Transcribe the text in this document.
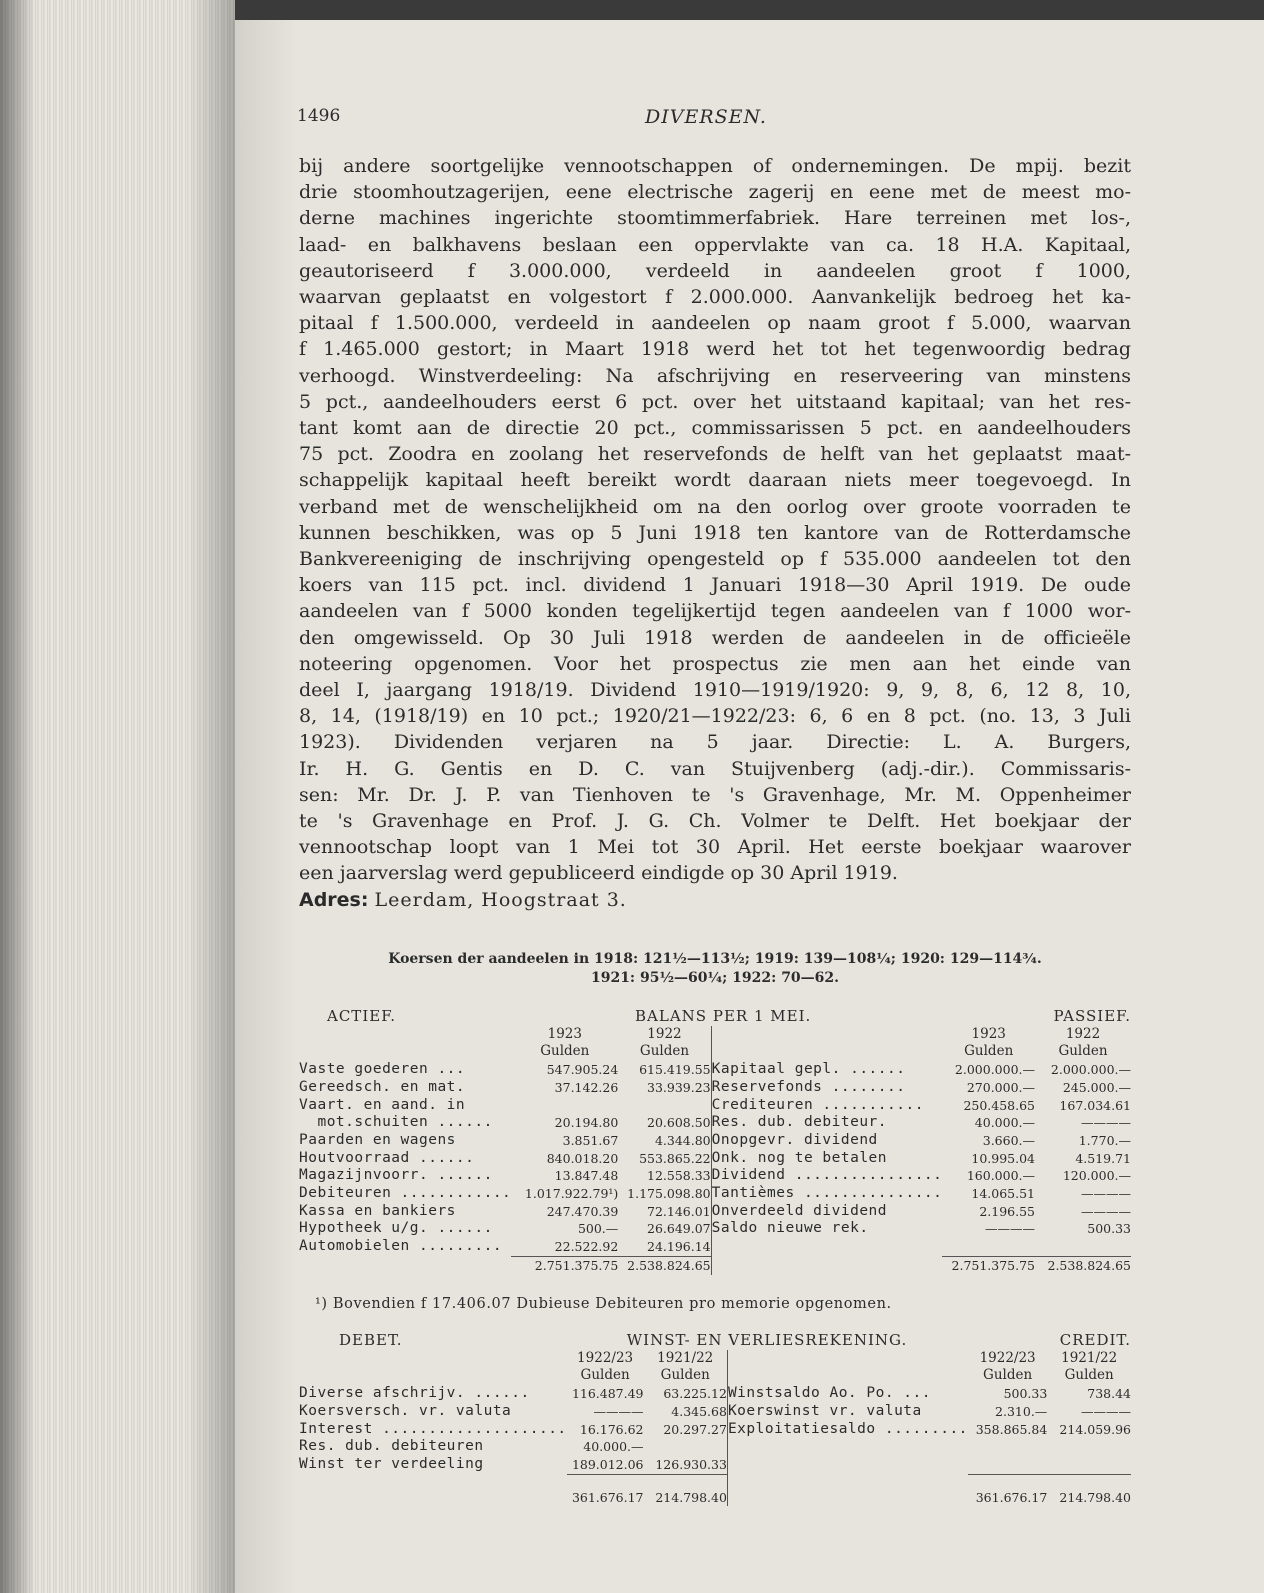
1496	DIVERSEN.
bij andere soortgelijke vennootschappen of ondernemingen. De mpij. bezit
drie stoomhoutzagerijen, eene electrische zagerij en eene met de meest mo-
derne machines ingerichte stoomtimmerfabriek. Hare terreinen met los-,
laad- en balkhavens beslaan een oppervlakte van ca. 18 H.A. Kapitaal,
geautoriseerd f 3.000.000, verdeeld in aandeelen groot f 1000,
waarvan geplaatst en volgestort f 2.000.000. Aanvankelijk bedroeg het ka-
pitaal f 1.500.000, verdeeld in aandeelen op naam groot f 5.000, waarvan
f 1.465.000 gestort; in Maart 1918 werd het tot het tegenwoordig bedrag
verhoogd. Winstverdeeling: Na afschrijving en reserveering van minstens
5 pct., aandeelhouders eerst 6 pct. over het uitstaand kapitaal; van het res-
tant komt aan de directie 20 pct., commissarissen 5 pct. en aandeelhouders
75 pct. Zoodra en zoolang het reservefonds de helft van het geplaatst maat-
schappelijk kapitaal heeft bereikt wordt daaraan niets meer toegevoegd. In
verband met de wenschelijkheid om na den oorlog over groote voorraden te
kunnen beschikken, was op 5 Juni 1918 ten kantore van de Rotterdamsche
Bankvereeniging de inschrijving opengesteld op f 535.000 aandeelen tot den
koers van 115 pct. incl. dividend 1 Januari 1918—30 April 1919. De oude
aandeelen van f 5000 konden tegelijkertijd tegen aandeelen van f 1000 wor-
den omgewisseld. Op 30 Juli 1918 werden de aandeelen in de officieële
noteering opgenomen. Voor het prospectus zie men aan het einde van
deel I, jaargang 1918/19. Dividend 1910—1919/1920: 9, 9, 8, 6, 12 8, 10,
8, 14, (1918/19) en 10 pct.; 1920/21—1922/23: 6, 6 en 8 pct. (no. 13, 3 Juli
1923). Dividenden verjaren na 5 jaar. Directie: L. A. Burgers,
Ir. H. G. Gentis en D. C. van Stuijvenberg (adj.-dir.). Commissaris-
sen: Mr. Dr. J. P. van Tienhoven te 's Gravenhage, Mr. M. Oppenheimer
te 's Gravenhage en Prof. J. G. Ch. Volmer te Delft. Het boekjaar der
vennootschap loopt van 1 Mei tot 30 April. Het eerste boekjaar waarover
een jaarverslag werd gepubliceerd eindigde op 30 April 1919.
Adres: Leerdam, Hoogstraat 3.
Koersen der aandeelen in 1918: 121½—113½; 1919: 139—108¼; 1920: 129—114¾.
1921: 95½—60¼; 1922: 70—62.
ACTIEF.	BALANS PER 1 MEI.				PASSIEF.
	1923	1922		1923	1922
	Gulden	Gulden		Gulden	Gulden
Vaste goederen ...	547.905.24	615.419.55	Kapitaal gepl. ......	2.000.000.—	2.000.000.—
Gereedsch. en mat.	37.142.26	33.939.23	Reservefonds ........	270.000.—	245.000.—
Vaart. en aand. in			Crediteuren ...........	250.458.65	167.034.61
mot.schuiten ......	20.194.80	20.608.50	Res. dub. debiteur.	40.000.—	————
Paarden en wagens	3.851.67	4.344.80	Onopgevr. dividend	3.660.—	1.770.—
Houtvoorraad ......	840.018.20	553.865.22	Onk. nog te betalen	10.995.04	4.519.71
Magazijnvoorr. ......	13.847.48	12.558.33	Dividend ................	160.000.—	120.000.—
Debiteuren ............	1.017.922.79¹)	1.175.098.80	Tantièmes ...............	14.065.51	————
Kassa en bankiers	247.470.39	72.146.01	Onverdeeld dividend	2.196.55	————
Hypotheek u/g. ......	500.—	26.649.07	Saldo nieuwe rek.	————	500.33
Automobielen .........	22.522.92	24.196.14			
	2.751.375.75	2.538.824.65		2.751.375.75	2.538.824.65
¹) Bovendien f 17.406.07 Dubieuse Debiteuren pro memorie opgenomen.
DEBET.	WINST- EN VERLIESREKENING.				CREDIT.
	1922/23	1921/22		1922/23	1921/22
	Gulden	Gulden		Gulden	Gulden
Diverse afschrijv. ......	116.487.49	63.225.12	Winstsaldo Ao. Po. ...	500.33	738.44
Koersversch. vr. valuta	————	4.345.68	Koerswinst vr. valuta	2.310.—	————
Interest ....................	16.176.62	20.297.27	Exploitatiesaldo .........	358.865.84	214.059.96
Res. dub. debiteuren	40.000.—				
Winst ter verdeeling	189.012.06	126.930.33			
	361.676.17	214.798.40		361.676.17	214.798.40
